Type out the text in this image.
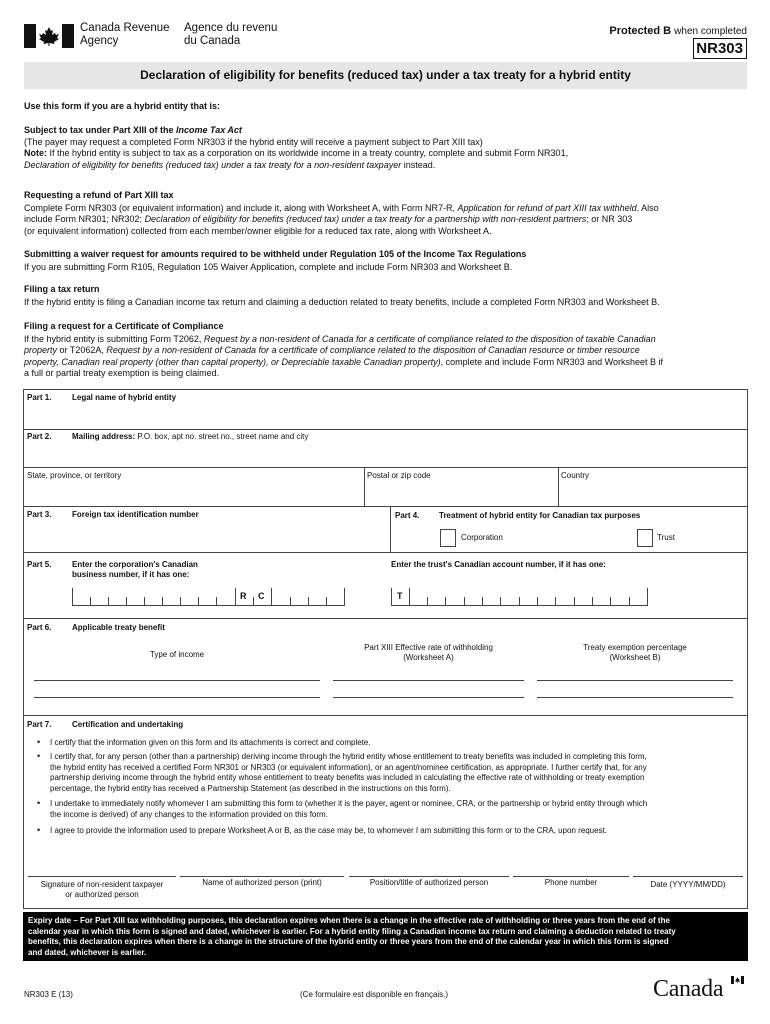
Canada Revenue
Agency
Agence du revenu
du Canada
Protected B when completed
NR303
Declaration of eligibility for benefits (reduced tax) under a tax treaty for a hybrid entity
Use this form if you are a hybrid entity that is:
Subject to tax under Part XIII of the Income Tax Act
(The payer may request a completed Form NR303 if the hybrid entity will receive a payment subject to Part XIII tax)
Note: If the hybrid entity is subject to tax as a corporation on its worldwide income in a treaty country, complete and submit Form NR301,
Declaration of eligibility for benefits (reduced tax) under a tax treaty for a non-resident taxpayer instead.
Requesting a refund of Part XIII tax
Complete Form NR303 (or equivalent information) and include it, along with Worksheet A, with Form NR7-R, Application for refund of part XIII tax withheld. Also
include Form NR301; NR302; Declaration of eligibility for benefits (reduced tax) under a tax treaty for a partnership with non-resident partners; or NR 303
(or equivalent information) collected from each member/owner eligible for a reduced tax rate, along with Worksheet A.
Submitting a waiver request for amounts required to be withheld under Regulation 105 of the Income Tax Regulations
If you are submitting Form R105, Regulation 105 Waiver Application, complete and include Form NR303 and Worksheet B.
Filing a tax return
If the hybrid entity is filing a Canadian income tax return and claiming a deduction related to treaty benefits, include a completed Form NR303 and Worksheet B.
Filing a request for a Certificate of Compliance
If the hybrid entity is submitting Form T2062, Request by a non-resident of Canada for a certificate of compliance related to the disposition of taxable Canadian
property or T2062A, Request by a non-resident of Canada for a certificate of compliance related to the disposition of Canadian resource or timber resource
property, Canadian real property (other than capital property), or Depreciable taxable Canadian property), complete and include Form NR303 and Worksheet B if
a full or partial treaty exemption is being claimed.
Part 1.	Legal name of hybrid entity
Part 2.	Mailing address: P.O. box, apt no. street no., street name and city
State, province, or territory	Postal or zip code	Country
Part 3.	Foreign tax identification number	Part 4. Treatment of hybrid entity for Canadian tax purposes
Corporation	Trust
Part 5.	Enter the corporation's Canadian
business number, if it has one:
Enter the trust's Canadian account number, if it has one:
R C	T
Part 6.	Applicable treaty benefit
Type of income
Part XIII Effective rate of withholding
(Worksheet A)
Treaty exemption percentage
(Worksheet B)
Part 7.	Certification and undertaking
• I certify that the information given on this form and its attachments is correct and complete.
• I certify that, for any person (other than a partnership) deriving income through the hybrid entity whose entitlement to treaty benefits was included in completing this form,
the hybrid entity has received a certified Form NR301 or NR303 (or equivalent information), or an agent/nominee certification, as appropriate. I further certify that, for any
partnership deriving income through the hybrid entity whose entitlement to treaty benefits was included in calculating the effective rate of withholding or treaty exemption
percentage, the hybrid entity has received a Partnership Statement (as described in the instructions on this form).
• I undertake to immediately notify whomever I am submitting this form to (whether it is the payer, agent or nominee, CRA, or the partnership or hybrid entity through which
the income is derived) of any changes to the information provided on this form.
• I agree to provide the information used to prepare Worksheet A or B, as the case may be, to whomever I am submitting this form or to the CRA, upon request.
Signature of non-resident taxpayer
or authorized person
Name of authorized person (print)	Position/title of authorized person	Phone number	Date (YYYY/MM/DD)
Expiry date – For Part XIII tax withholding purposes, this declaration expires when there is a change in the effective rate of withholding or three years from the end of the
calendar year in which this form is signed and dated, whichever is earlier. For a hybrid entity filing a Canadian income tax return and claiming a deduction related to treaty
benefits, this declaration expires when there is a change in the structure of the hybrid entity or three years from the end of the calendar year in which this form is signed
and dated, whichever is earlier.
NR303 E (13)	(Ce formulaire est disponible en français.)	Canada
